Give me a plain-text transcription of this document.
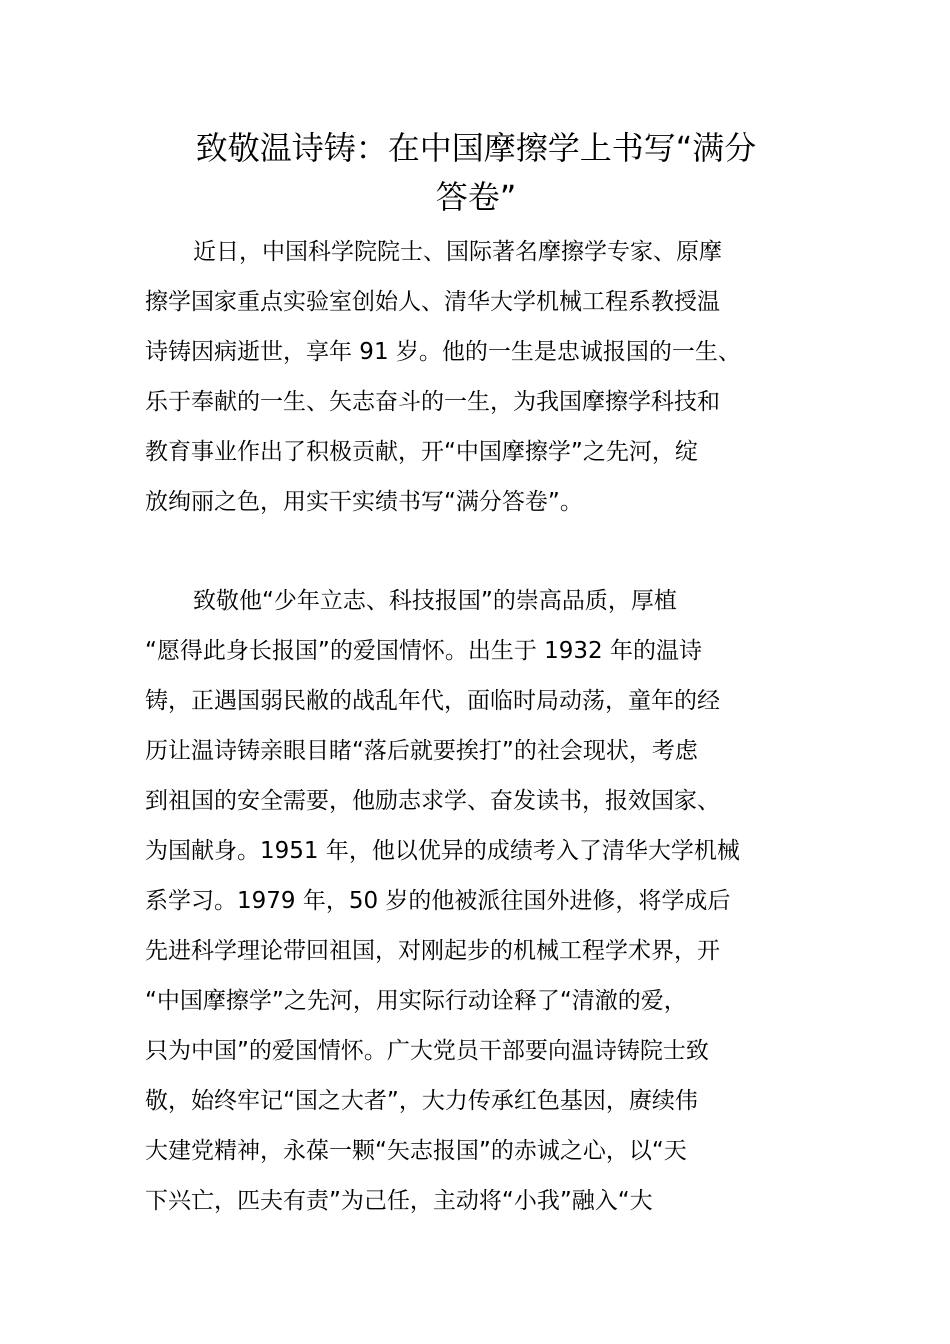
致敬温诗铸：在中国摩擦学上书写“满分
答卷”
近日，中国科学院院士、国际著名摩擦学专家、原摩
擦学国家重点实验室创始人、清华大学机械工程系教授温
诗铸因病逝世，享年 91 岁。他的一生是忠诚报国的一生、
乐于奉献的一生、矢志奋斗的一生，为我国摩擦学科技和
教育事业作出了积极贡献，开“中国摩擦学”之先河，绽
放绚丽之色，用实干实绩书写“满分答卷”。
致敬他“少年立志、科技报国”的崇高品质，厚植
“愿得此身长报国”的爱国情怀。出生于 1932 年的温诗
铸，正遇国弱民敝的战乱年代，面临时局动荡，童年的经
历让温诗铸亲眼目睹“落后就要挨打”的社会现状，考虑
到祖国的安全需要，他励志求学、奋发读书，报效国家、
为国献身。1951 年，他以优异的成绩考入了清华大学机械
系学习。1979 年，50 岁的他被派往国外进修，将学成后
先进科学理论带回祖国，对刚起步的机械工程学术界，开
“中国摩擦学”之先河，用实际行动诠释了“清澈的爱，
只为中国”的爱国情怀。广大党员干部要向温诗铸院士致
敬，始终牢记“国之大者”，大力传承红色基因，赓续伟
大建党精神，永葆一颗“矢志报国”的赤诚之心，以“天
下兴亡，匹夫有责”为己任，主动将“小我”融入“大
